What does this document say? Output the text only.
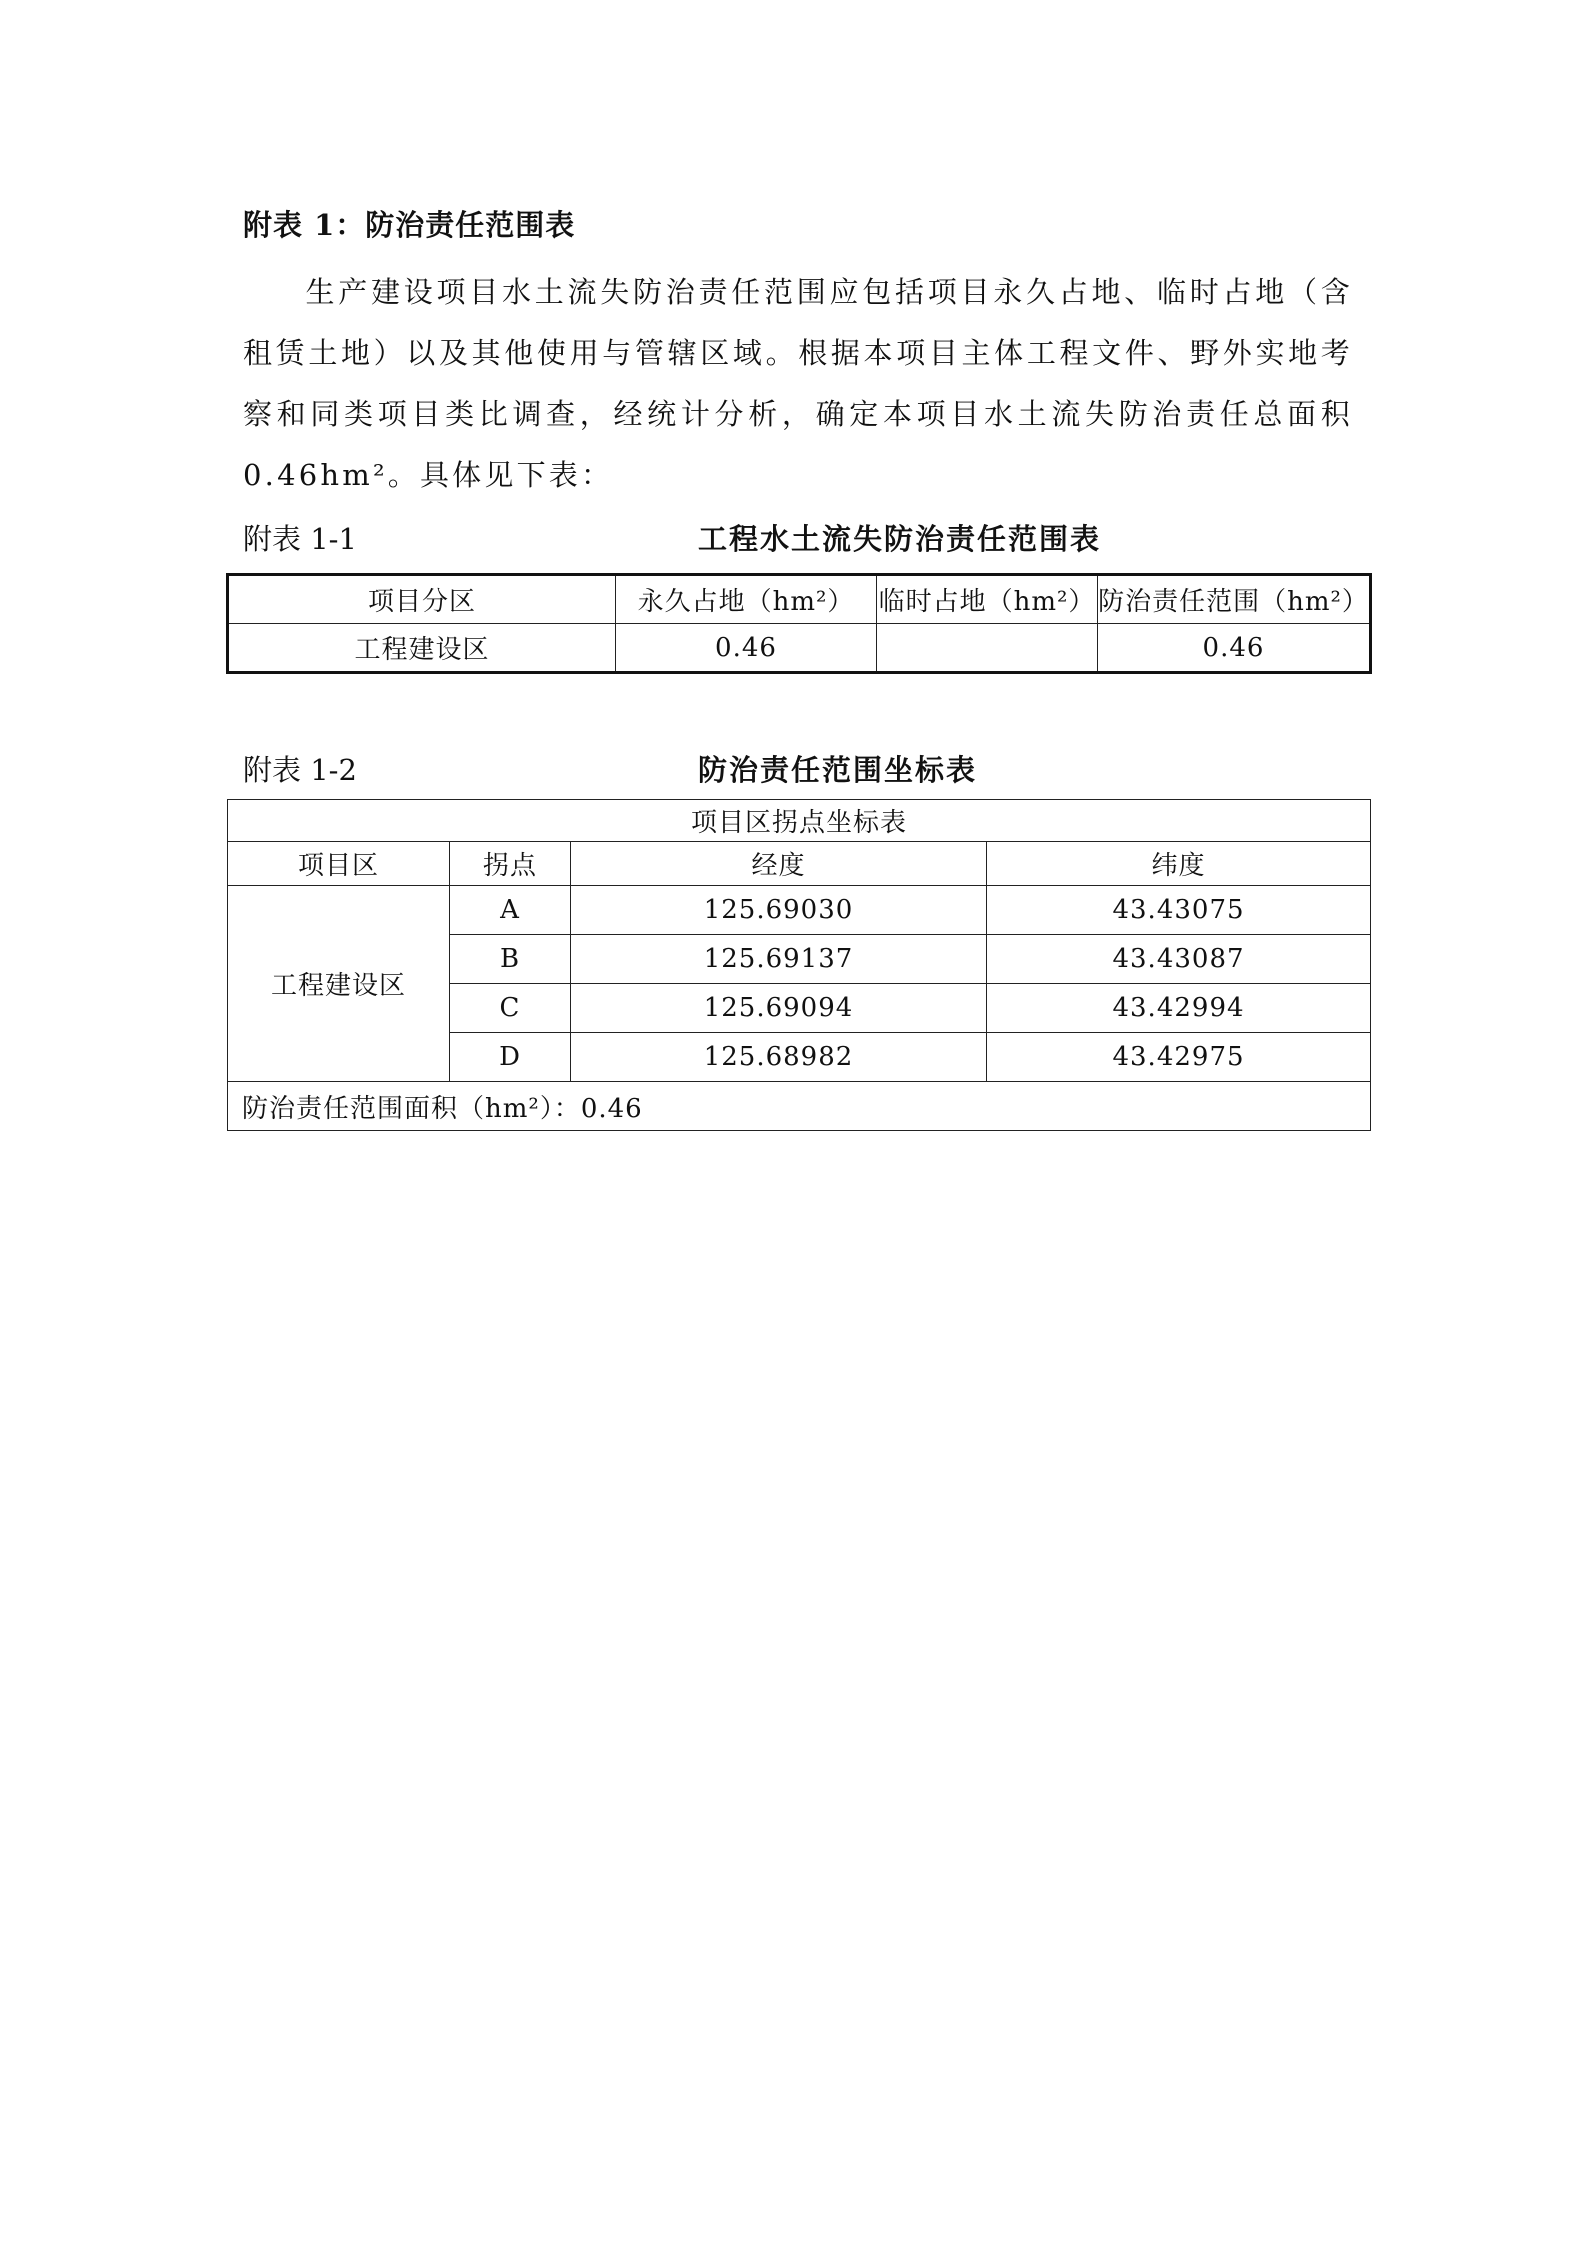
附表 1：防治责任范围表
生产建设项目水土流失防治责任范围应包括项目永久占地、临时占地（含租赁土地）以及其他使用与管辖区域。根据本项目主体工程文件、野外实地考察和同类项目类比调查，经统计分析，确定本项目水土流失防治责任总面积 0.46hm²。具体见下表：
附表 1-1	工程水土流失防治责任范围表
项目分区	永久占地（hm²）	临时占地（hm²）	防治责任范围（hm²）
工程建设区	0.46		0.46
附表 1-2	防治责任范围坐标表
项目区拐点坐标表			
项目区	拐点	经度	纬度
工程建设区	A	125.69030	43.43075
	B	125.69137	43.43087
	C	125.69094	43.42994
	D	125.68982	43.42975
防治责任范围面积（hm²）：0.46			
